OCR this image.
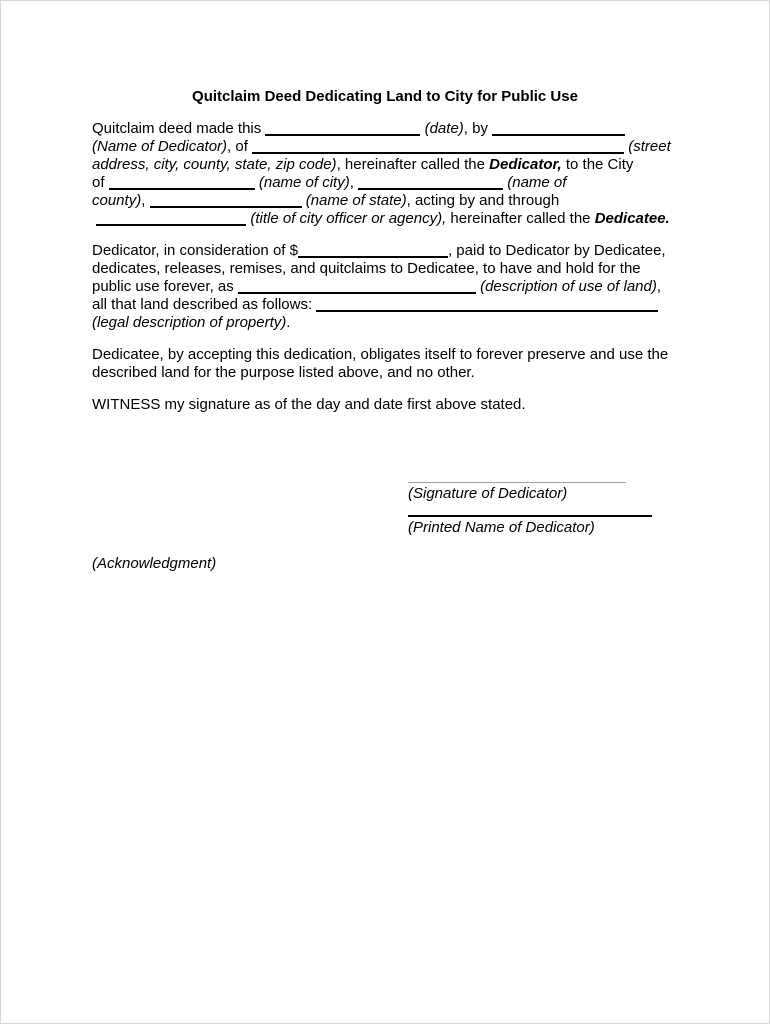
Quitclaim Deed Dedicating Land to City for Public Use
Quitclaim deed made this	(date), by
(Name of Dedicator), of	(street
address, city, county, state, zip code), hereinafter called the Dedicator, to the City
of	(name of city),	(name of
county),	(name of state), acting by and through
(title of city officer or agency), hereinafter called the Dedicatee.
Dedicator, in consideration of $	, paid to Dedicator by Dedicatee,
dedicates, releases, remises, and quitclaims to Dedicatee, to have and hold for the
public use forever, as	(description of use of land),
all that land described as follows:
(legal description of property).
Dedicatee, by accepting this dedication, obligates itself to forever preserve and use the
described land for the purpose listed above, and no other.
WITNESS my signature as of the day and date first above stated.
(Signature of Dedicator)
(Printed Name of Dedicator)
(Acknowledgment)
